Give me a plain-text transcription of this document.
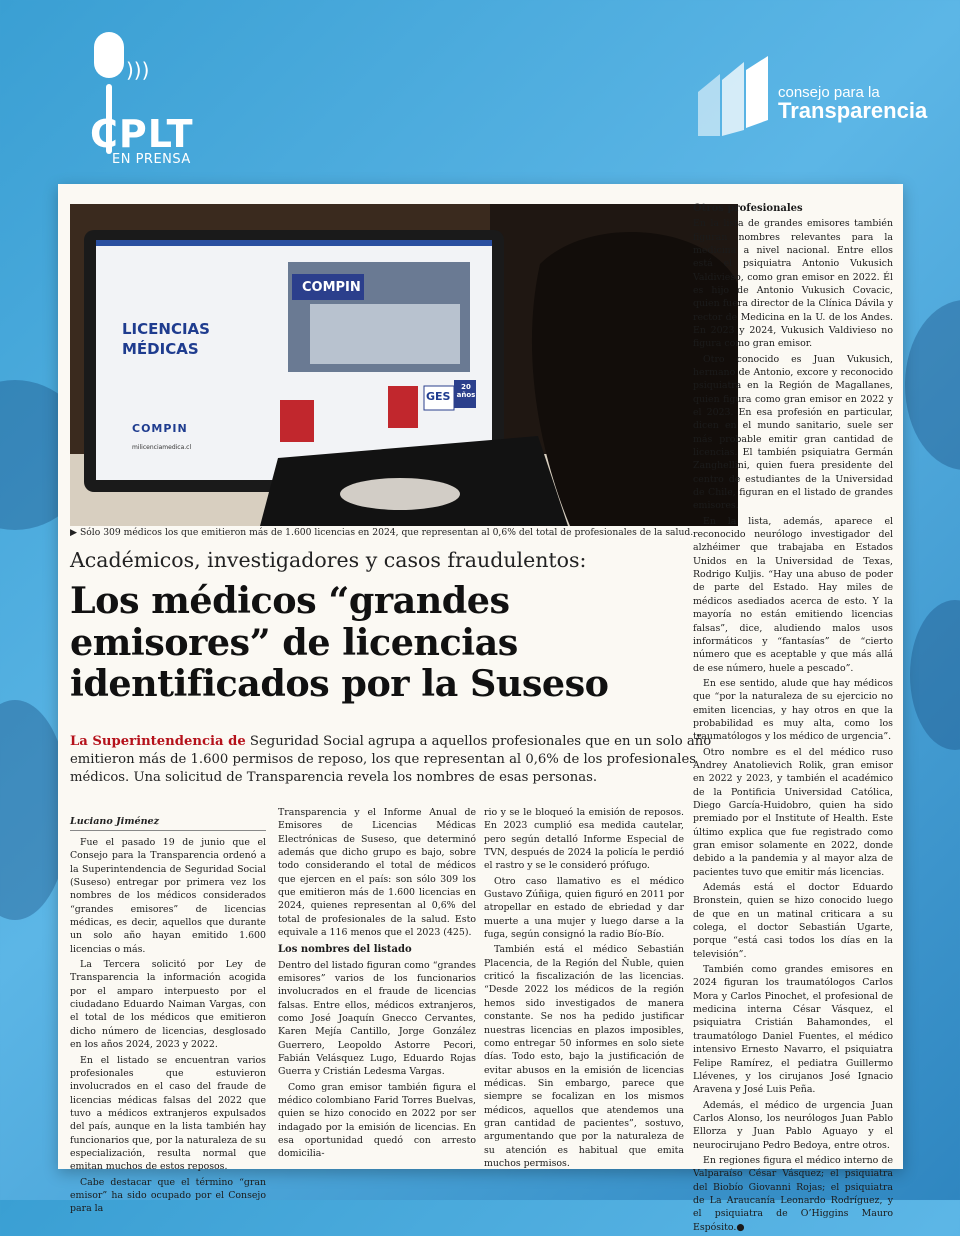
)))
CPLT
EN PRENSA
consejo para la
Transparencia
COMPIN
LICENCIAS MÉDICAS
COMPIN
milicenciamedica.cl
GES
20 años
▶ Sólo 309 médicos los que emitieron más de 1.600 licencias en 2024, que representan al 0,6% del total de profesionales de la salud.
Académicos, investigadores y casos fraudulentos:
Los médicos “grandes emisores” de licencias identificados por la Suseso
La Superintendencia de Seguridad Social agrupa a aquellos profesionales que en un solo año emitieron más de 1.600 permisos de reposo, los que representan al 0,6% de los profesionales médicos. Una solicitud de Transparencia revela los nombres de esas personas.
Luciano Jiménez

Fue el pasado 19 de junio que el Consejo para la Transparencia ordenó a la Superintendencia de Seguridad Social (Suseso) entregar por primera vez los nombres de los médicos considerados “grandes emisores” de licencias médicas, es decir, aquellos que durante un solo año hayan emitido 1.600 licencias o más.

La Tercera solicitó por Ley de Transparencia la información acogida por el amparo interpuesto por el ciudadano Eduardo Naiman Vargas, con el total de los médicos que emitieron dicho número de licencias, desglosado en los años 2024, 2023 y 2022.

En el listado se encuentran varios profesionales que estuvieron involucrados en el caso del fraude de licencias médicas falsas del 2022 que tuvo a médicos extranjeros expulsados del país, aunque en la lista también hay funcionarios que, por la naturaleza de su especialización, resulta normal que emitan muchos de estos reposos.

Cabe destacar que el término “gran emisor” ha sido ocupado por el Consejo para la

Transparencia y el Informe Anual de Emisores de Licencias Médicas Electrónicas de Suseso, que determinó además que dicho grupo es bajo, sobre todo considerando el total de médicos que ejercen en el país: son sólo 309 los que emitieron más de 1.600 licencias en 2024, quienes representan al 0,6% del total de profesionales de la salud. Esto equivale a 116 menos que el 2023 (425).

Los nombres del listado

Dentro del listado figuran como “grandes emisores” varios de los funcionarios involucrados en el fraude de licencias falsas. Entre ellos, médicos extranjeros, como José Joaquín Gnecco Cervantes, Karen Mejía Cantillo, Jorge González Guerrero, Leopoldo Astorre Pecori, Fabián Velásquez Lugo, Eduardo Rojas Guerra y Cristián Ledesma Vargas.

Como gran emisor también figura el médico colombiano Farid Torres Buelvas, quien se hizo conocido en 2022 por ser indagado por la emisión de licencias. En esa oportunidad quedó con arresto domicilia-

rio y se le bloqueó la emisión de reposos. En 2023 cumplió esa medida cautelar, pero según detalló Informe Especial de TVN, después de 2024 la policía le perdió el rastro y se le consideró prófugo.

Otro caso llamativo es el médico Gustavo Zúñiga, quien figuró en 2011 por atropellar en estado de ebriedad y dar muerte a una mujer y luego darse a la fuga, según consignó la radio Bío-Bío.

También está el médico Sebastián Placencia, de la Región del Ñuble, quien criticó la fiscalización de las licencias. “Desde 2022 los médicos de la región hemos sido investigados de manera constante. Se nos ha pedido justificar nuestras licencias en plazos imposibles, como entregar 50 informes en solo siete días. Todo esto, bajo la justificación de evitar abusos en la emisión de licencias médicas. Sin embargo, parece que siempre se focalizan en los mismos médicos, aquellos que atendemos una gran cantidad de pacientes”, sostuvo, argumentando que por la naturaleza de su atención es habitual que emita muchos permisos.

Otros profesionales

En la lista de grandes emisores también figuran nombres relevantes para la medicina a nivel nacional. Entre ellos está el psiquiatra Antonio Vukusich Valdivieso, como gran emisor en 2022. Él es hijo de Antonio Vukusich Covacic, quien fuera director de la Clínica Dávila y rector de Medicina en la U. de los Andes. En 2023 y 2024, Vukusich Valdivieso no figura como gran emisor.

Otro conocido es Juan Vukusich, hermano de Antonio, excore y reconocido psiquiatra en la Región de Magallanes, quien figura como gran emisor en 2022 y el 2023. En esa profesión en particular, dicen en el mundo sanitario, suele ser más probable emitir gran cantidad de licencias. El también psiquiatra Germán Zanghellini, quien fuera presidente del centro de estudiantes de la Universidad de Chile, figuran en el listado de grandes emisores.

En la lista, además, aparece el reconocido neurólogo investigador del alzhéimer que trabajaba en Estados Unidos en la Universidad de Texas, Rodrigo Kuljis. “Hay una abuso de poder de parte del Estado. Hay miles de médicos asediados acerca de esto. Y la mayoría no están emitiendo licencias falsas”, dice, aludiendo malos usos informáticos y “fantasías” de “cierto número que es aceptable y que más allá de ese número, huele a pescado”.

En ese sentido, alude que hay médicos que “por la naturaleza de su ejercicio no emiten licencias, y hay otros en que la probabilidad es muy alta, como los traumatólogos y los médico de urgencia”.

Otro nombre es el del médico ruso Andrey Anatolievich Rolik, gran emisor en 2022 y 2023, y también el académico de la Pontificia Universidad Católica, Diego García-Huidobro, quien ha sido premiado por el Institute of Health. Este último explica que fue registrado como gran emisor solamente en 2022, dondе debido a la pandemia y al mayor alza de pacientes tuvo que emitir más licencias.

Además está el doctor Eduardo Bronstein, quien se hizo conocido luego de que en un matinal criticara a su colega, el doctor Sebastián Ugarte, porque “está casi todos los días en la televisión”.

También como grandes emisores en 2024 figuran los traumatólogos Carlos Mora y Carlos Pinochet, el profesional de medicina interna César Vásquez, el psiquiatra Cristián Bahamondes, el traumatólogo Daniel Fuentes, el médico intensivo Ernesto Navarro, el psiquiatra Felipe Ramírez, el pediatra Guillermo Llévenes, y los cirujanos José Ignacio Aravena y José Luis Peña.

Además, el médico de urgencia Juan Carlos Alonso, los neurólogos Juan Pablo Ellorza y Juan Pablo Aguayo y el neurocirujano Pedro Bedoya, entre otros.

En regiones figura el médico interno de Valparaíso César Vásquez; el psiquiatra del Biobío Giovanni Rojas; el psiquiatra de La Araucanía Leonardo Rodríguez, y el psiquiatra de O’Higgins Mauro Espósito.●
